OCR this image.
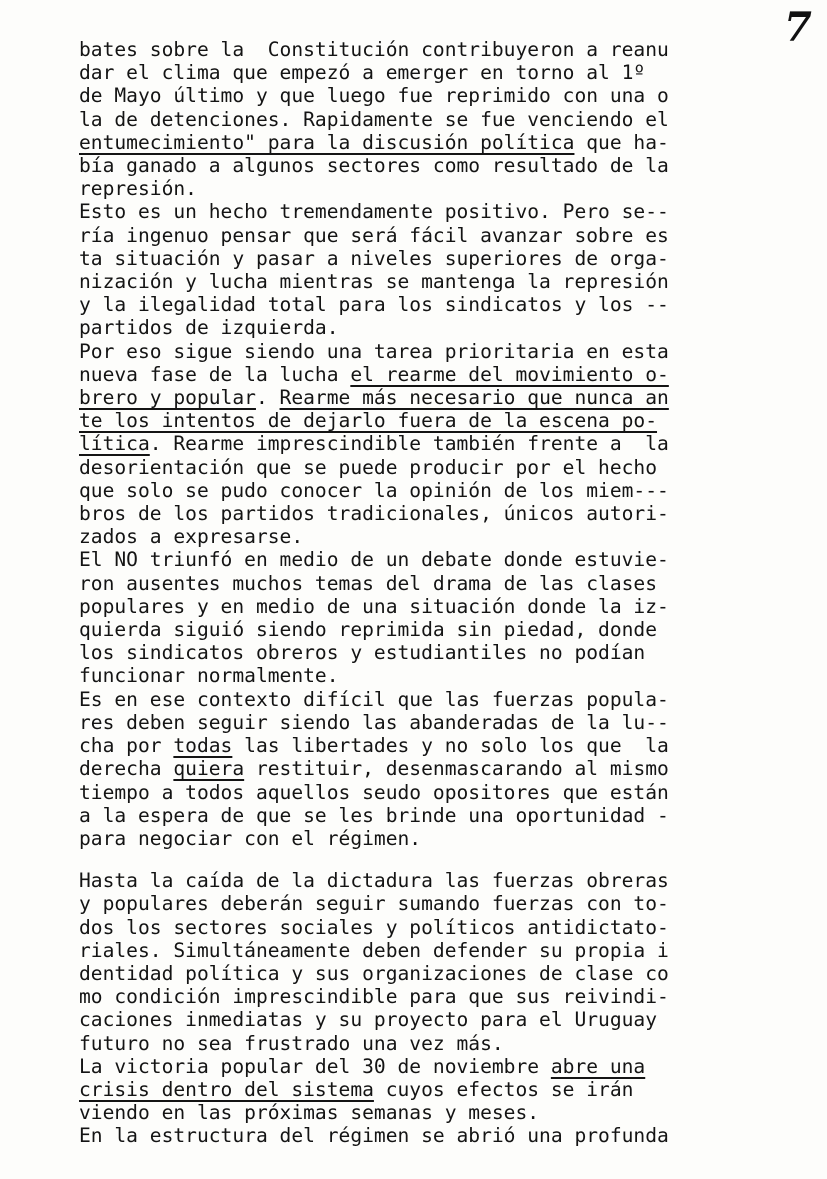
7
bates sobre la  Constitución contribuyeron a reanu
dar el clima que empezó a emerger en torno al 1º
de Mayo último y que luego fue reprimido con una o
la de detenciones. Rapidamente se fue venciendo el
entumecimiento" para la discusión política que ha-
bía ganado a algunos sectores como resultado de la
represión.
Esto es un hecho tremendamente positivo. Pero se--
ría ingenuo pensar que será fácil avanzar sobre es
ta situación y pasar a niveles superiores de orga-
nización y lucha mientras se mantenga la represión
y la ilegalidad total para los sindicatos y los --
partidos de izquierda.
Por eso sigue siendo una tarea prioritaria en esta
nueva fase de la lucha el rearme del movimiento o-
brero y popular. Rearme más necesario que nunca an
te los intentos de dejarlo fuera de la escena po-
lítica. Rearme imprescindible también frente a  la
desorientación que se puede producir por el hecho
que solo se pudo conocer la opinión de los miem---
bros de los partidos tradicionales, únicos autori-
zados a expresarse.
El NO triunfó en medio de un debate donde estuvie-
ron ausentes muchos temas del drama de las clases
populares y en medio de una situación donde la iz-
quierda siguió siendo reprimida sin piedad, donde
los sindicatos obreros y estudiantiles no podían
funcionar normalmente.
Es en ese contexto difícil que las fuerzas popula-
res deben seguir siendo las abanderadas de la lu--
cha por todas las libertades y no solo los que  la
derecha quiera restituir, desenmascarando al mismo
tiempo a todos aquellos seudo opositores que están
a la espera de que se les brinde una oportunidad -
para negociar con el régimen.
Hasta la caída de la dictadura las fuerzas obreras
y populares deberán seguir sumando fuerzas con to-
dos los sectores sociales y políticos antidictato-
riales. Simultáneamente deben defender su propia i
dentidad política y sus organizaciones de clase co
mo condición imprescindible para que sus reivindi-
caciones inmediatas y su proyecto para el Uruguay
futuro no sea frustrado una vez más.
La victoria popular del 30 de noviembre abre una
crisis dentro del sistema cuyos efectos se irán
viendo en las próximas semanas y meses.
En la estructura del régimen se abrió una profunda
